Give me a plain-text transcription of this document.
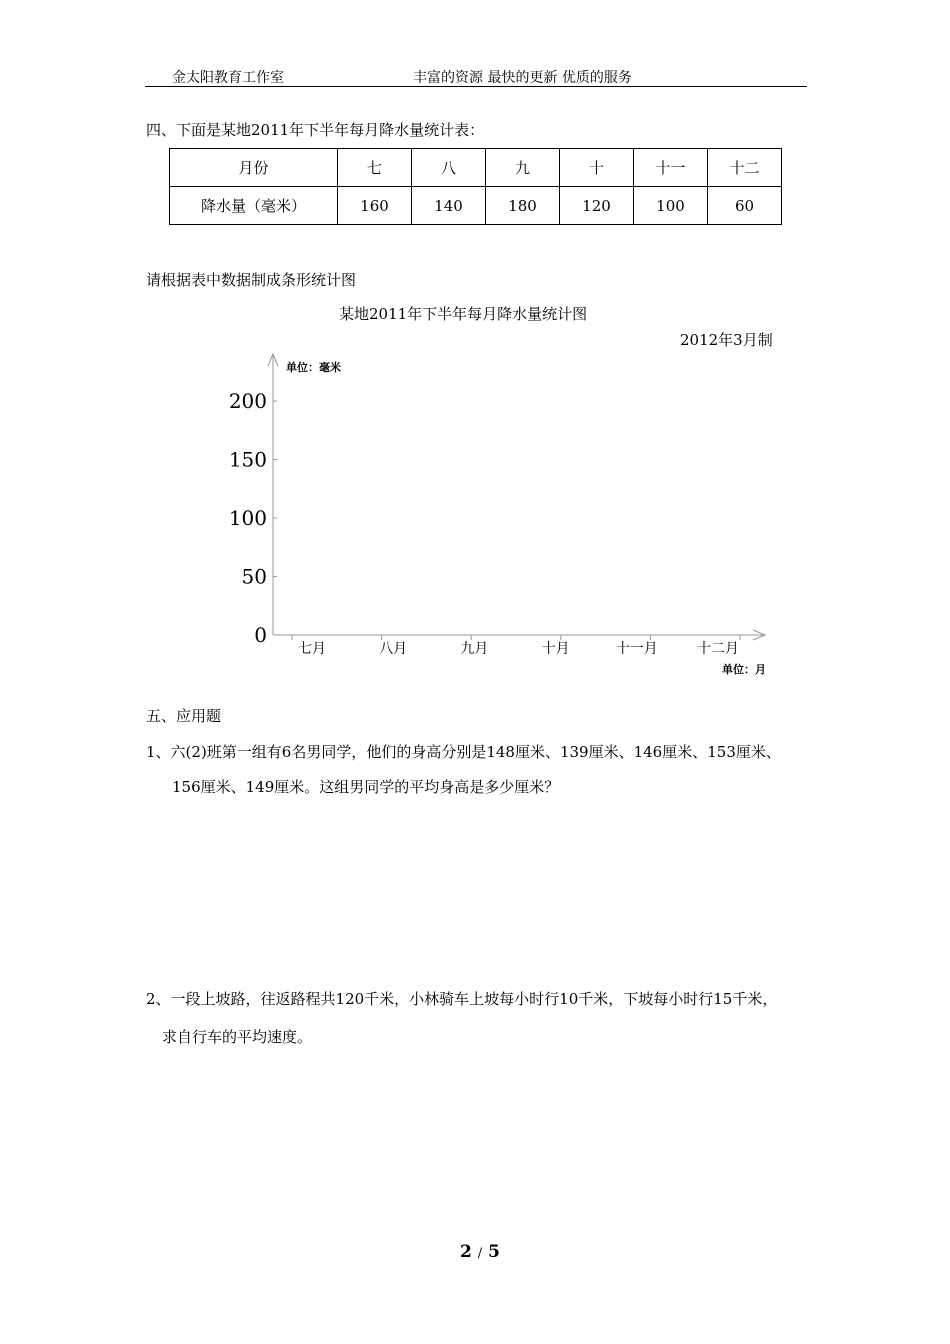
金太阳教育工作室	丰富的资源 最快的更新 优质的服务
四、下面是某地2011年下半年每月降水量统计表：
月份	七	八	九	十	十一	十二
降水量（毫米）	160	140	180	120	100	60
请根据表中数据制成条形统计图
某地2011年下半年每月降水量统计图
2012年3月制
0
50
100
150
200
单位：毫米
七月	八月	九月	十月	十一月	十二月
单位：月
五、应用题
1、六(2)班第一组有6名男同学，他们的身高分别是148厘米、139厘米、146厘米、153厘米、
156厘米、149厘米。这组男同学的平均身高是多少厘米？
2、一段上坡路，往返路程共120千米，小林骑车上坡每小时行10千米，下坡每小时行15千米，
求自行车的平均速度。
2 / 5
